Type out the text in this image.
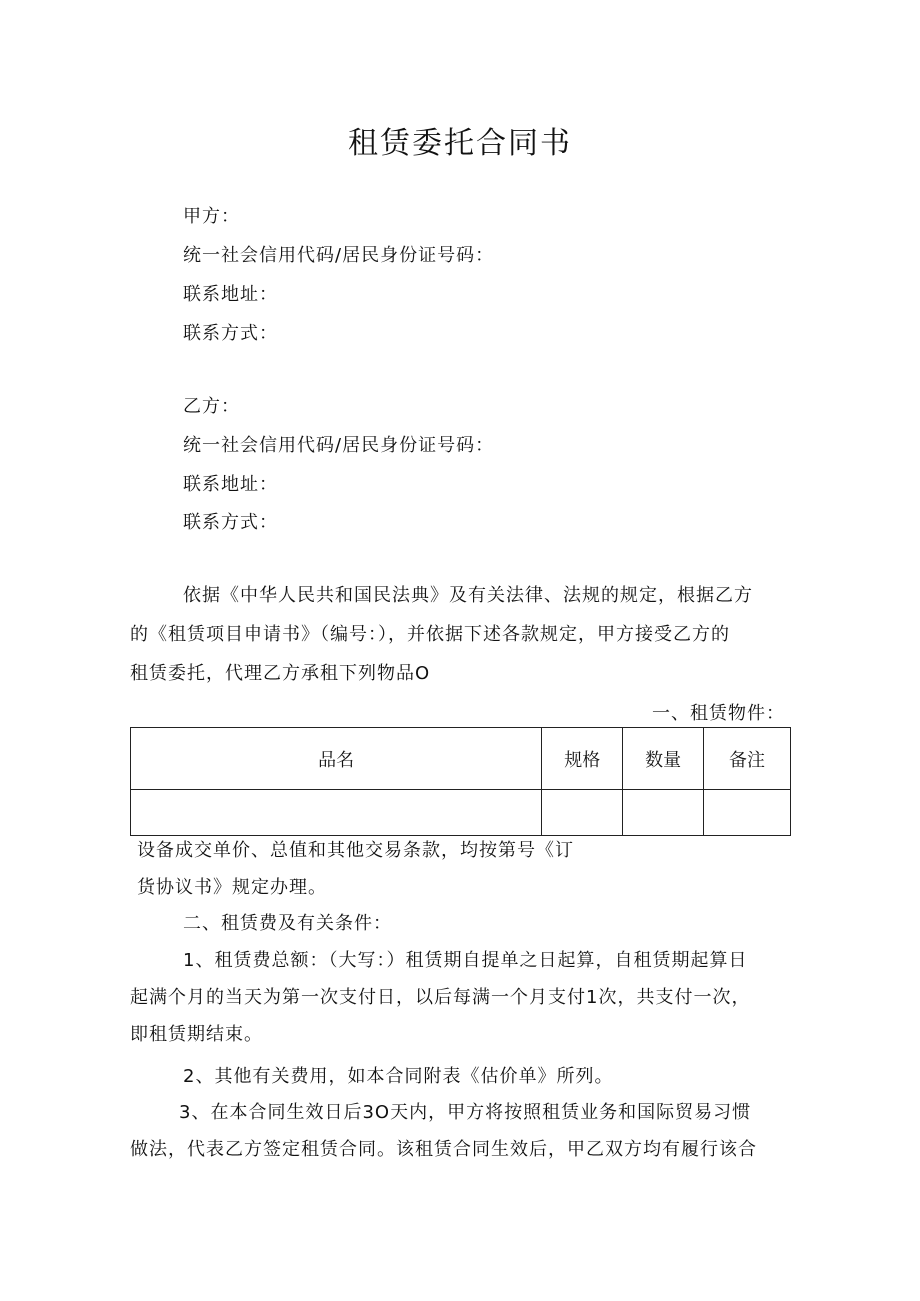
租赁委托合同书
甲方：
统一社会信用代码/居民身份证号码：
联系地址：
联系方式：
乙方：
统一社会信用代码/居民身份证号码：
联系地址：
联系方式：
依据《中华人民共和国民法典》及有关法律、法规的规定，根据乙方
的《租赁项目申请书》（编号：），并依据下述各款规定，甲方接受乙方的
租赁委托，代理乙方承租下列物品O
一、租赁物件：
品名	规格	数量	备注

设备成交单价、总值和其他交易条款，均按第号《订
货协议书》规定办理。
二、租赁费及有关条件：
1、租赁费总额：（大写：）租赁期自提单之日起算，自租赁期起算日
起满个月的当天为第一次支付日，以后每满一个月支付1次，共支付一次，
即租赁期结束。
2、其他有关费用，如本合同附表《估价单》所列。
3、在本合同生效日后3O天内，甲方将按照租赁业务和国际贸易习惯
做法，代表乙方签定租赁合同。该租赁合同生效后，甲乙双方均有履行该合
